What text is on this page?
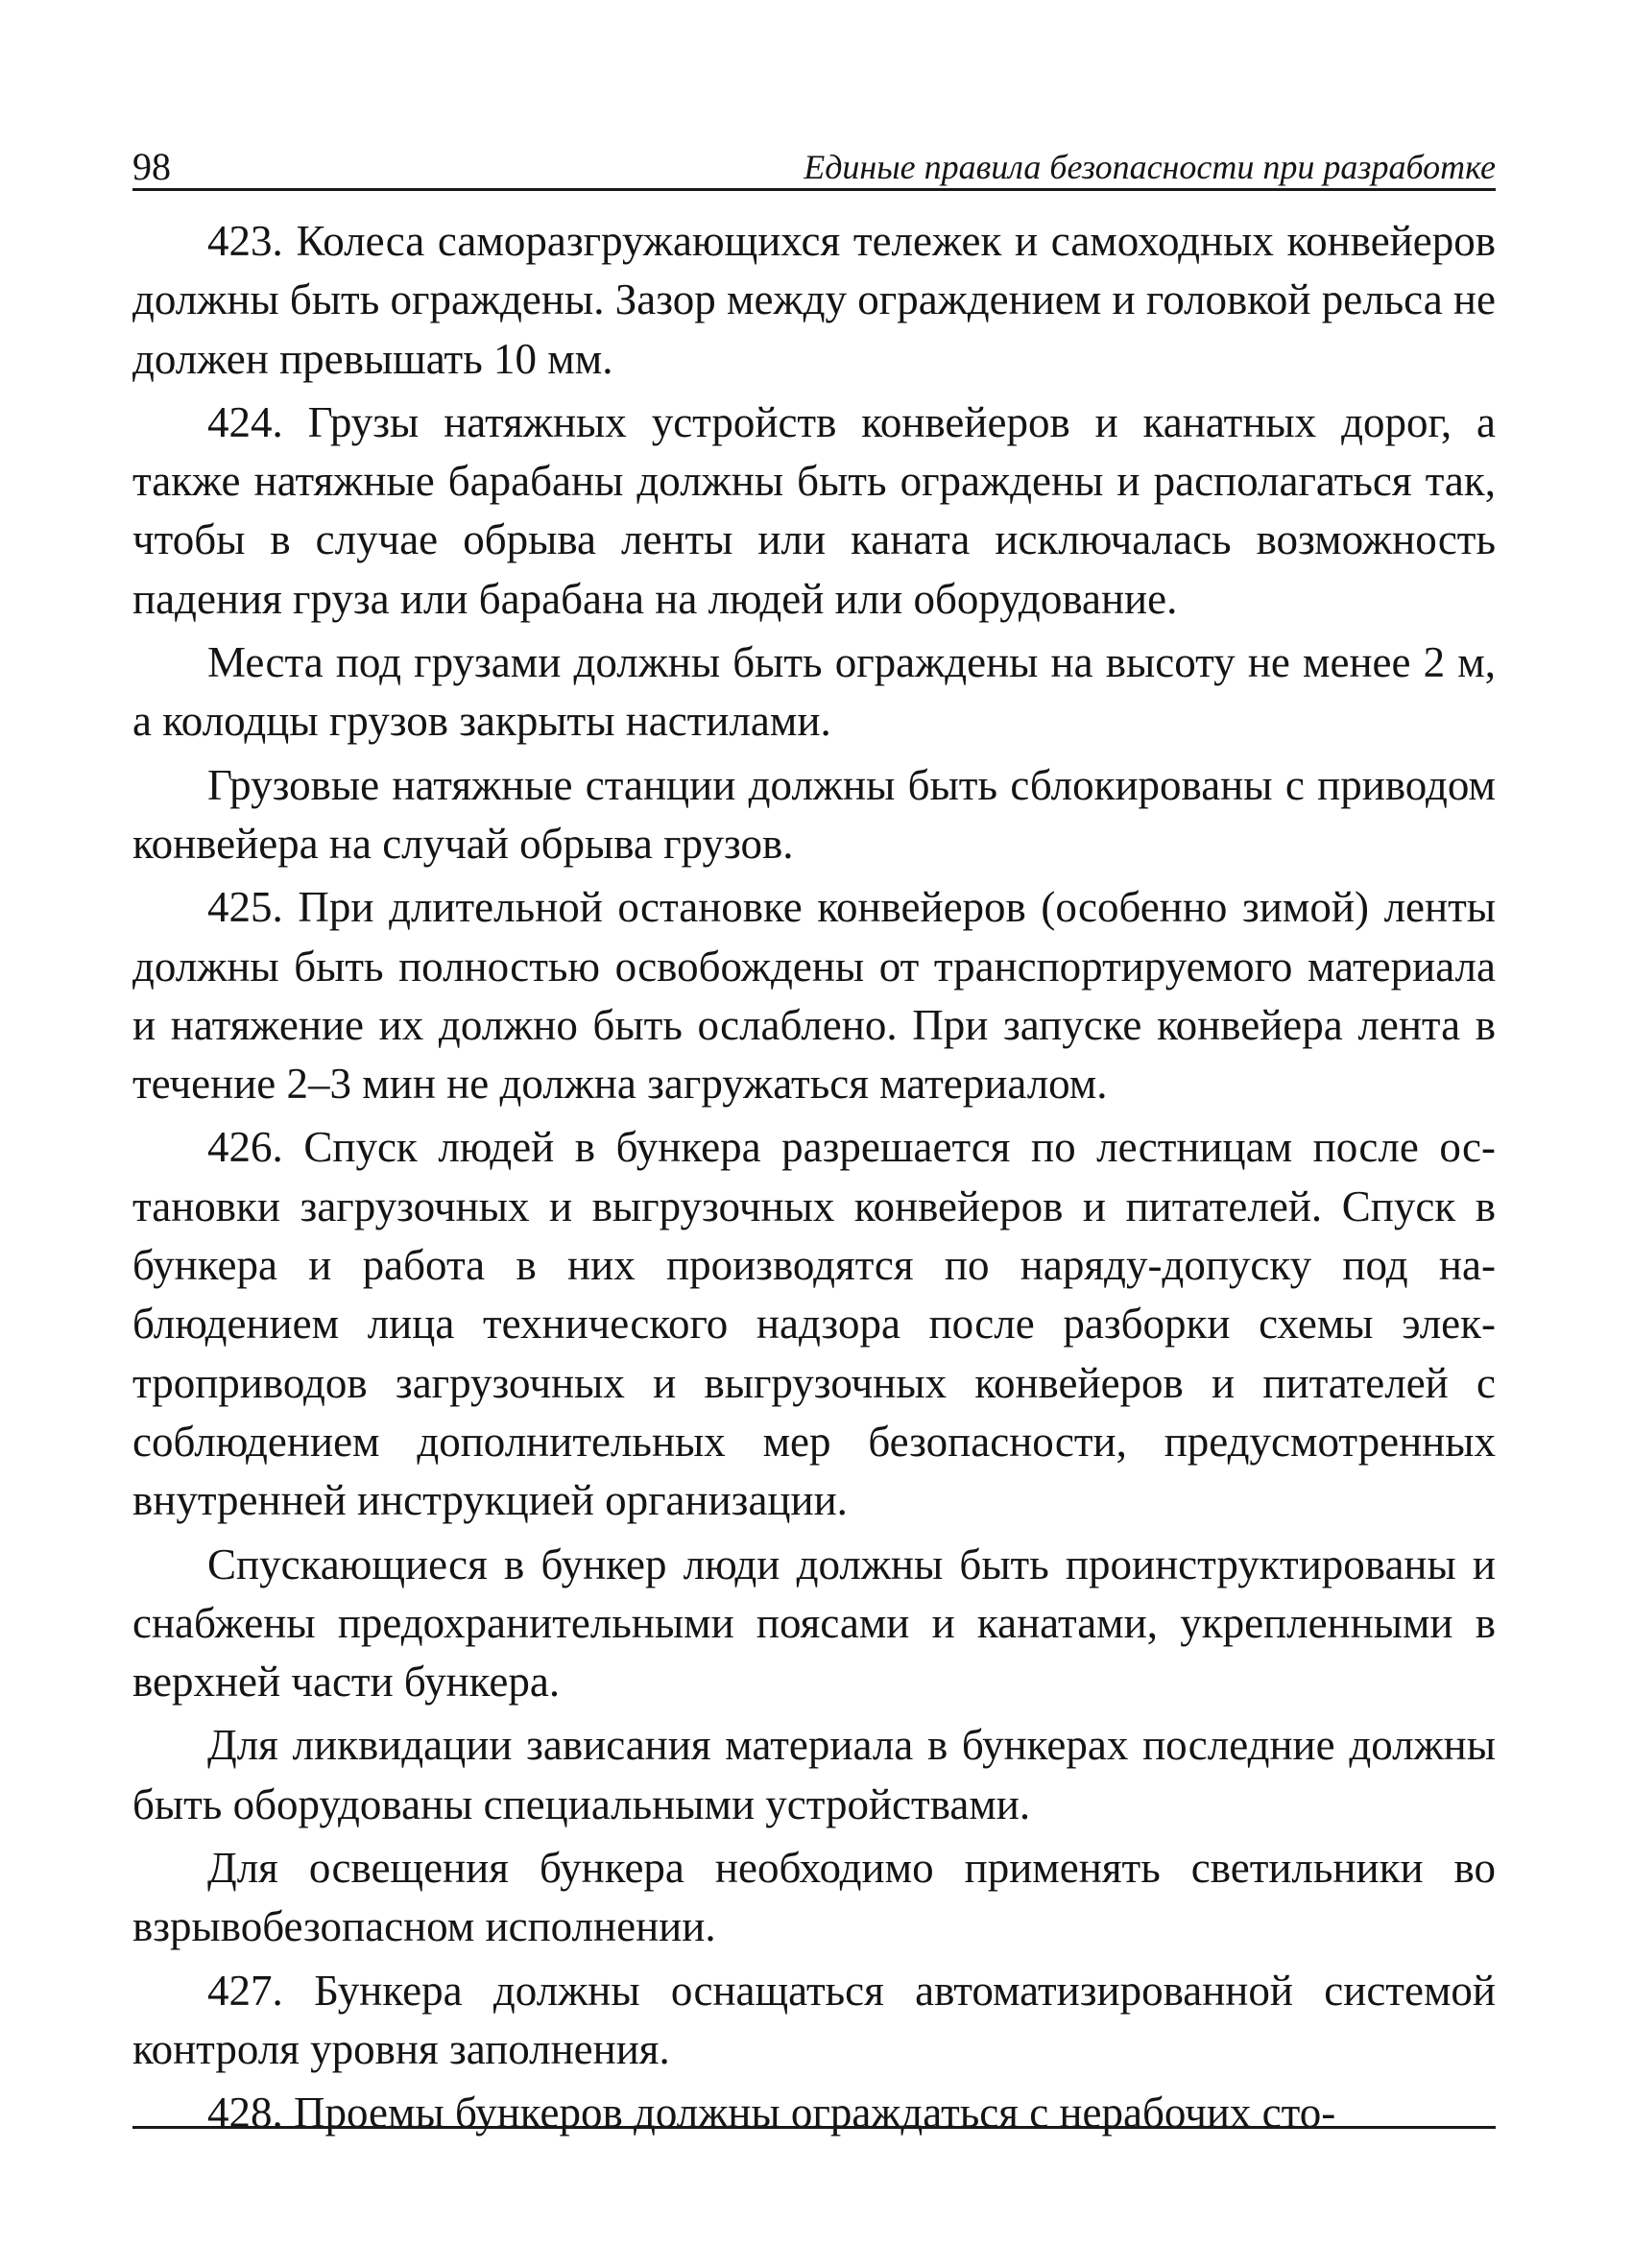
98	Единые правила безопасности при разработке

423. Колеса саморазгружающихся тележек и самоходных конвейеров должны быть ограждены. Зазор между ограждением и головкой рельса не должен превышать 10 мм.

424. Грузы натяжных устройств конвейеров и канатных дорог, а также натяжные барабаны должны быть ограждены и располагаться так, чтобы в случае обрыва ленты или каната исключалась возможность падения груза или барабана на людей или оборудование.

Места под грузами должны быть ограждены на высоту не менее 2 м, а колодцы грузов закрыты настилами.

Грузовые натяжные станции должны быть сблокированы с приводом конвейера на случай обрыва грузов.

425. При длительной остановке конвейеров (особенно зимой) ленты должны быть полностью освобождены от транспортируемого материала и натяжение их должно быть ослаблено. При запуске конвейера лента в течение 2–3 мин не должна загружаться материалом.

426. Спуск людей в бункера разрешается по лестницам после остановки загрузочных и выгрузочных конвейеров и питателей. Спуск в бункера и работа в них производятся по наряду-допуску под наблюдением лица технического надзора после разборки схемы электроприводов загрузочных и выгрузочных конвейеров и питателей с соблюдением дополнительных мер безопасности, предусмотренных внутренней инструкцией организации.

Спускающиеся в бункер люди должны быть проинструктированы и снабжены предохранительными поясами и канатами, укрепленными в верхней части бункера.

Для ликвидации зависания материала в бункерах последние должны быть оборудованы специальными устройствами.

Для освещения бункера необходимо применять светильники во взрывобезопасном исполнении.

427. Бункера должны оснащаться автоматизированной системой контроля уровня заполнения.

428. Проемы бункеров должны ограждаться с нерабочих сто-
